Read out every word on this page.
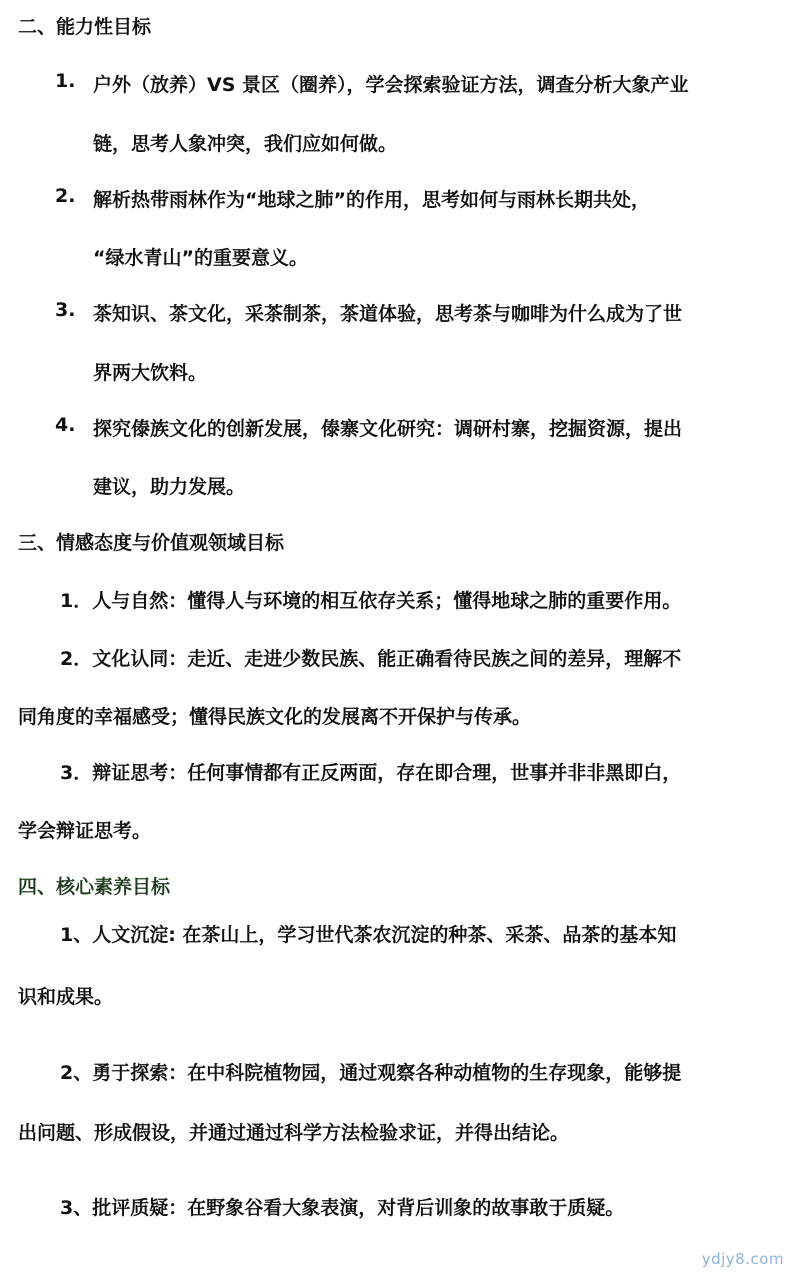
二、能力性目标
1. 户外（放养）VS 景区（圈养），学会探索验证方法，调查分析大象产业
链，思考人象冲突，我们应如何做。
2. 解析热带雨林作为“地球之肺”的作用，思考如何与雨林长期共处，
“绿水青山”的重要意义。
3. 茶知识、茶文化，采茶制茶，茶道体验，思考茶与咖啡为什么成为了世
界两大饮料。
4. 探究傣族文化的创新发展，傣寨文化研究：调研村寨，挖掘资源，提出
建议，助力发展。
三、情感态度与价值观领域目标
1．人与自然：懂得人与环境的相互依存关系；懂得地球之肺的重要作用。
2．文化认同：走近、走进少数民族、能正确看待民族之间的差异，理解不
同角度的幸福感受；懂得民族文化的发展离不开保护与传承。
3．辩证思考：任何事情都有正反两面，存在即合理，世事并非非黑即白，
学会辩证思考。
四、核心素养目标
1、人文沉淀: 在茶山上，学习世代茶农沉淀的种茶、采茶、品茶的基本知
识和成果。
2、勇于探索：在中科院植物园，通过观察各种动植物的生存现象，能够提
出问题、形成假设，并通过通过科学方法检验求证，并得出结论。
3、批评质疑：在野象谷看大象表演，对背后训象的故事敢于质疑。
ydjy8.com
